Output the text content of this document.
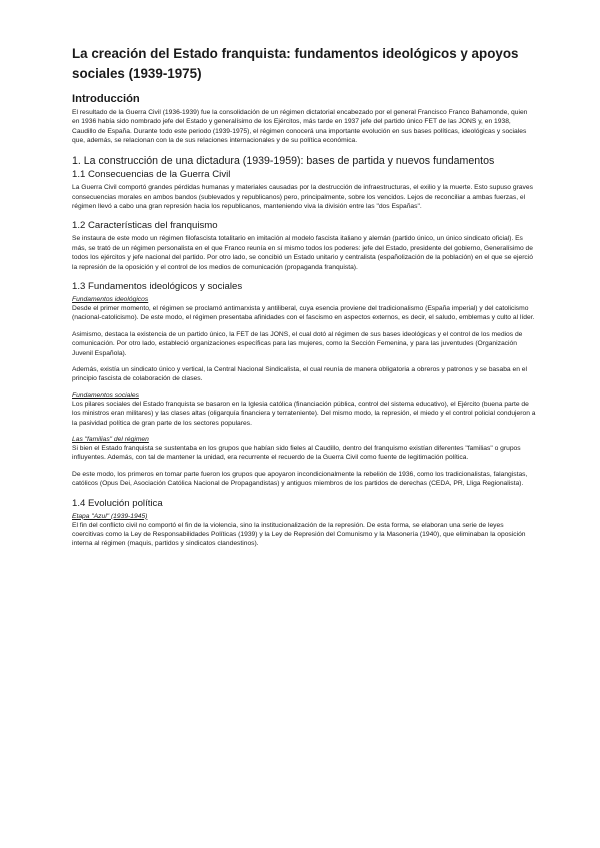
La creación del Estado franquista: fundamentos ideológicos y apoyos sociales (1939-1975)
Introducción

El resultado de la Guerra Civil (1936-1939) fue la consolidación de un régimen dictatorial encabezado por el general Francisco Franco Bahamonde, quien en 1936 había sido nombrado jefe del Estado y generalísimo de los Ejércitos, más tarde en 1937 jefe del partido único FET de las JONS y, en 1938, Caudillo de España. Durante todo este periodo (1939-1975), el régimen conocerá una importante evolución en sus bases políticas, ideológicas y sociales que, además, se relacionan con la de sus relaciones internacionales y de su política económica.

1. La construcción de una dictadura (1939-1959): bases de partida y nuevos fundamentos
1.1 Consecuencias de la Guerra Civil

La Guerra Civil comportó grandes pérdidas humanas y materiales causadas por la destrucción de infraestructuras, el exilio y la muerte. Esto supuso graves consecuencias morales en ambos bandos (sublevados y republicanos) pero, principalmente, sobre los vencidos. Lejos de reconciliar a ambas fuerzas, el régimen llevó a cabo una gran represión hacia los republicanos, manteniendo viva la división entre las "dos Españas".

1.2 Características del franquismo

Se instaura de este modo un régimen filofascista totalitario en imitación al modelo fascista italiano y alemán (partido único, un único sindicato oficial). Es más, se trató de un régimen personalista en el que Franco reunía en sí mismo todos los poderes: jefe del Estado, presidente del gobierno, Generalísimo de todos los ejércitos y jefe nacional del partido. Por otro lado, se concibió un Estado unitario y centralista (españolización de la población) en el que se ejerció la represión de la oposición y el control de los medios de comunicación (propaganda franquista).

1.3 Fundamentos ideológicos y sociales
Fundamentos ideológicos

Desde el primer momento, el régimen se proclamó antimarxista y antiliberal, cuya esencia proviene del tradicionalismo (España imperial) y del catolicismo (nacional-catolicismo). De este modo, el régimen presentaba afinidades con el fascismo en aspectos externos, es decir, el saludo, emblemas y culto al líder.

Asimismo, destaca la existencia de un partido único, la FET de las JONS, el cual dotó al régimen de sus bases ideológicas y el control de los medios de comunicación. Por otro lado, estableció organizaciones específicas para las mujeres, como la Sección Femenina, y para las juventudes (Organización Juvenil Española).

Además, existía un sindicato único y vertical, la Central Nacional Sindicalista, el cual reunía de manera obligatoria a obreros y patronos y se basaba en el principio fascista de colaboración de clases.

Fundamentos sociales

Los pilares sociales del Estado franquista se basaron en la Iglesia católica (financiación pública, control del sistema educativo), el Ejército (buena parte de los ministros eran militares) y las clases altas (oligarquía financiera y terrateniente). Del mismo modo, la represión, el miedo y el control policial condujeron a la pasividad política de gran parte de los sectores populares.

Las "familias" del régimen

Si bien el Estado franquista se sustentaba en los grupos que habían sido fieles al Caudillo, dentro del franquismo existían diferentes "familias" o grupos influyentes. Además, con tal de mantener la unidad, era recurrente el recuerdo de la Guerra Civil como fuente de legitimación política.

De este modo, los primeros en tomar parte fueron los grupos que apoyaron incondicionalmente la rebelión de 1936, como los tradicionalistas, falangistas, católicos (Opus Dei, Asociación Católica Nacional de Propagandistas) y antiguos miembros de los partidos de derechas (CEDA, PR, Lliga Regionalista).

1.4 Evolución política
Etapa "Azul" (1939-1945)

El fin del conflicto civil no comportó el fin de la violencia, sino la institucionalización de la represión. De esta forma, se elaboran una serie de leyes coercitivas como la Ley de Responsabilidades Políticas (1939) y la Ley de Represión del Comunismo y la Masonería (1940), que eliminaban la oposición interna al régimen (maquis, partidos y sindicatos clandestinos).
